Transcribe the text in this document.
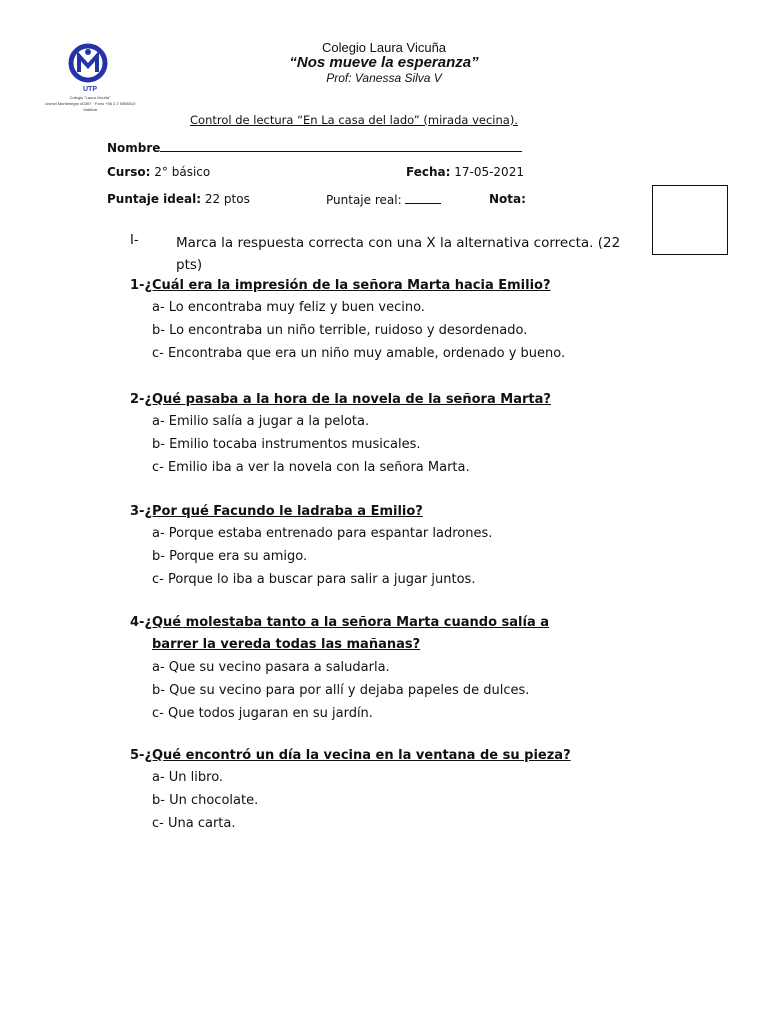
UTP
Colegio "Laura Vicuña"
Leonel Montenegro #0397 · Fono +56 2 2 5398510
Valdivia
Colegio Laura Vicuña
“Nos mueve la esperanza”
Prof: Vanessa Silva V
Control de lectura “En La casa del lado” (mirada vecina).
Nombre
Curso: 2° básico	Fecha: 17-05-2021
Puntaje ideal: 22 ptos	Puntaje real:	Nota:
I-	Marca la respuesta correcta con una X la alternativa correcta. (22 pts)
1-¿Cuál era la impresión de la señora Marta hacia Emilio?
a- Lo encontraba muy feliz y buen vecino.
b- Lo encontraba un niño terrible, ruidoso y desordenado.
c- Encontraba que era un niño muy amable, ordenado y bueno.
2-¿Qué pasaba a la hora de la novela de la señora Marta?
a- Emilio salía a jugar a la pelota.
b- Emilio tocaba instrumentos musicales.
c- Emilio iba a ver la novela con la señora Marta.
3-¿Por qué Facundo le ladraba a Emilio?
a- Porque estaba entrenado para espantar ladrones.
b- Porque era su amigo.
c- Porque lo iba a buscar para salir a jugar juntos.
4-¿Qué molestaba tanto a la señora Marta cuando salía a
barrer la vereda todas las mañanas?
a- Que su vecino pasara a saludarla.
b- Que su vecino para por allí y dejaba papeles de dulces.
c- Que todos jugaran en su jardín.
5-¿Qué encontró un día la vecina en la ventana de su pieza?
a- Un libro.
b- Un chocolate.
c- Una carta.
